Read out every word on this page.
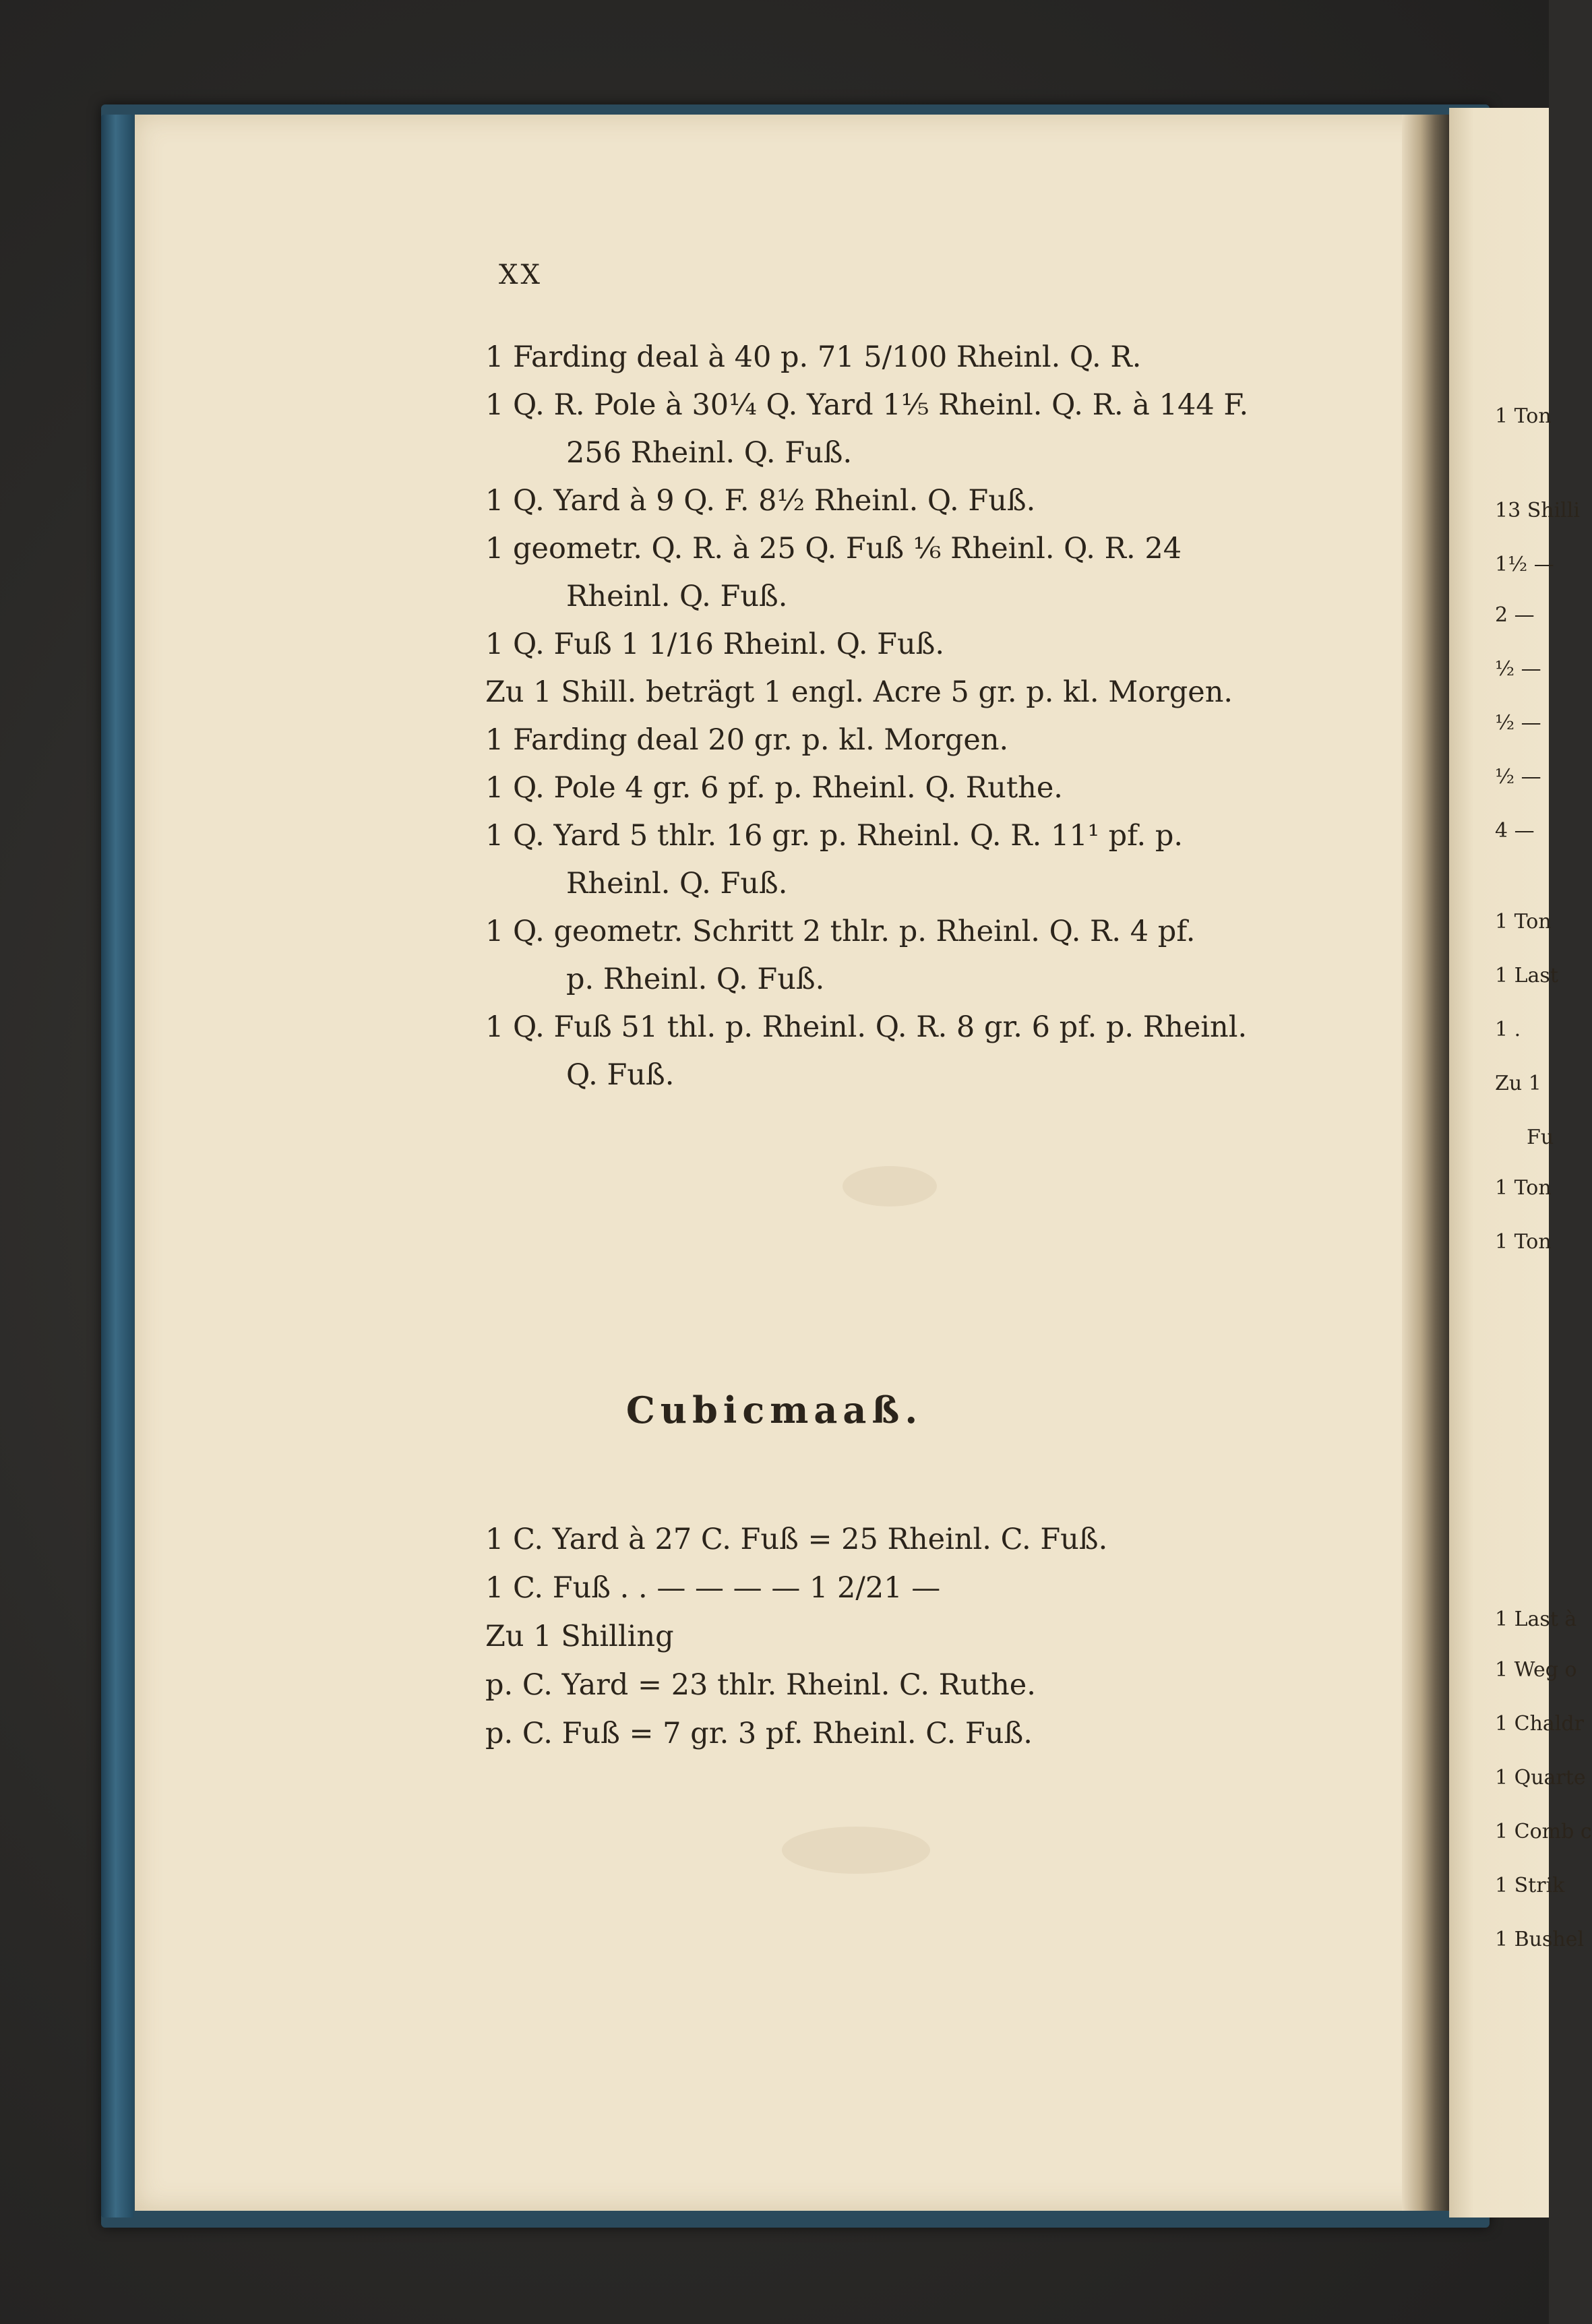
XX
1 Farding deal à 40 p. 71 5/100 Rheinl. Q. R.
1 Q. R. Pole à 30¼ Q. Yard 1⅕ Rheinl. Q. R. à 144 F.
256 Rheinl. Q. Fuß.
1 Q. Yard à 9 Q. F. 8½ Rheinl. Q. Fuß.
1 geometr. Q. R. à 25 Q. Fuß ⅙ Rheinl. Q. R. 24
Rheinl. Q. Fuß.
1 Q. Fuß 1 1/16 Rheinl. Q. Fuß.
Zu 1 Shill. beträgt 1 engl. Acre 5 gr. p. kl. Morgen.
1 Farding deal 20 gr. p. kl. Morgen.
1 Q. Pole 4 gr. 6 pf. p. Rheinl. Q. Ruthe.
1 Q. Yard 5 thlr. 16 gr. p. Rheinl. Q. R. 11¹ pf. p.
Rheinl. Q. Fuß.
1 Q. geometr. Schritt 2 thlr. p. Rheinl. Q. R. 4 pf.
p. Rheinl. Q. Fuß.
1 Q. Fuß 51 thl. p. Rheinl. Q. R. 8 gr. 6 pf. p. Rheinl.
Q. Fuß.
Cubicmaaß.
1 C. Yard à 27 C. Fuß = 25 Rheinl. C. Fuß.
1 C. Fuß . . — — — — 1 2/21 —
Zu 1 Shilling
p. C. Yard = 23 thlr. Rheinl. C. Ruthe.
p. C. Fuß = 7 gr. 3 pf. Rheinl. C. Fuß.
1 Ton
13 Shilli
1½ —
2 —
½ —
½ —
½ —
4 —
1 Ton
1 Last
1 .
Zu 1
Fu
1 Ton
1 Ton
1 Last à
1 Weg o
1 Chaldr
1 Quarte
1 Comb c
1 Strik
1 Bushel
